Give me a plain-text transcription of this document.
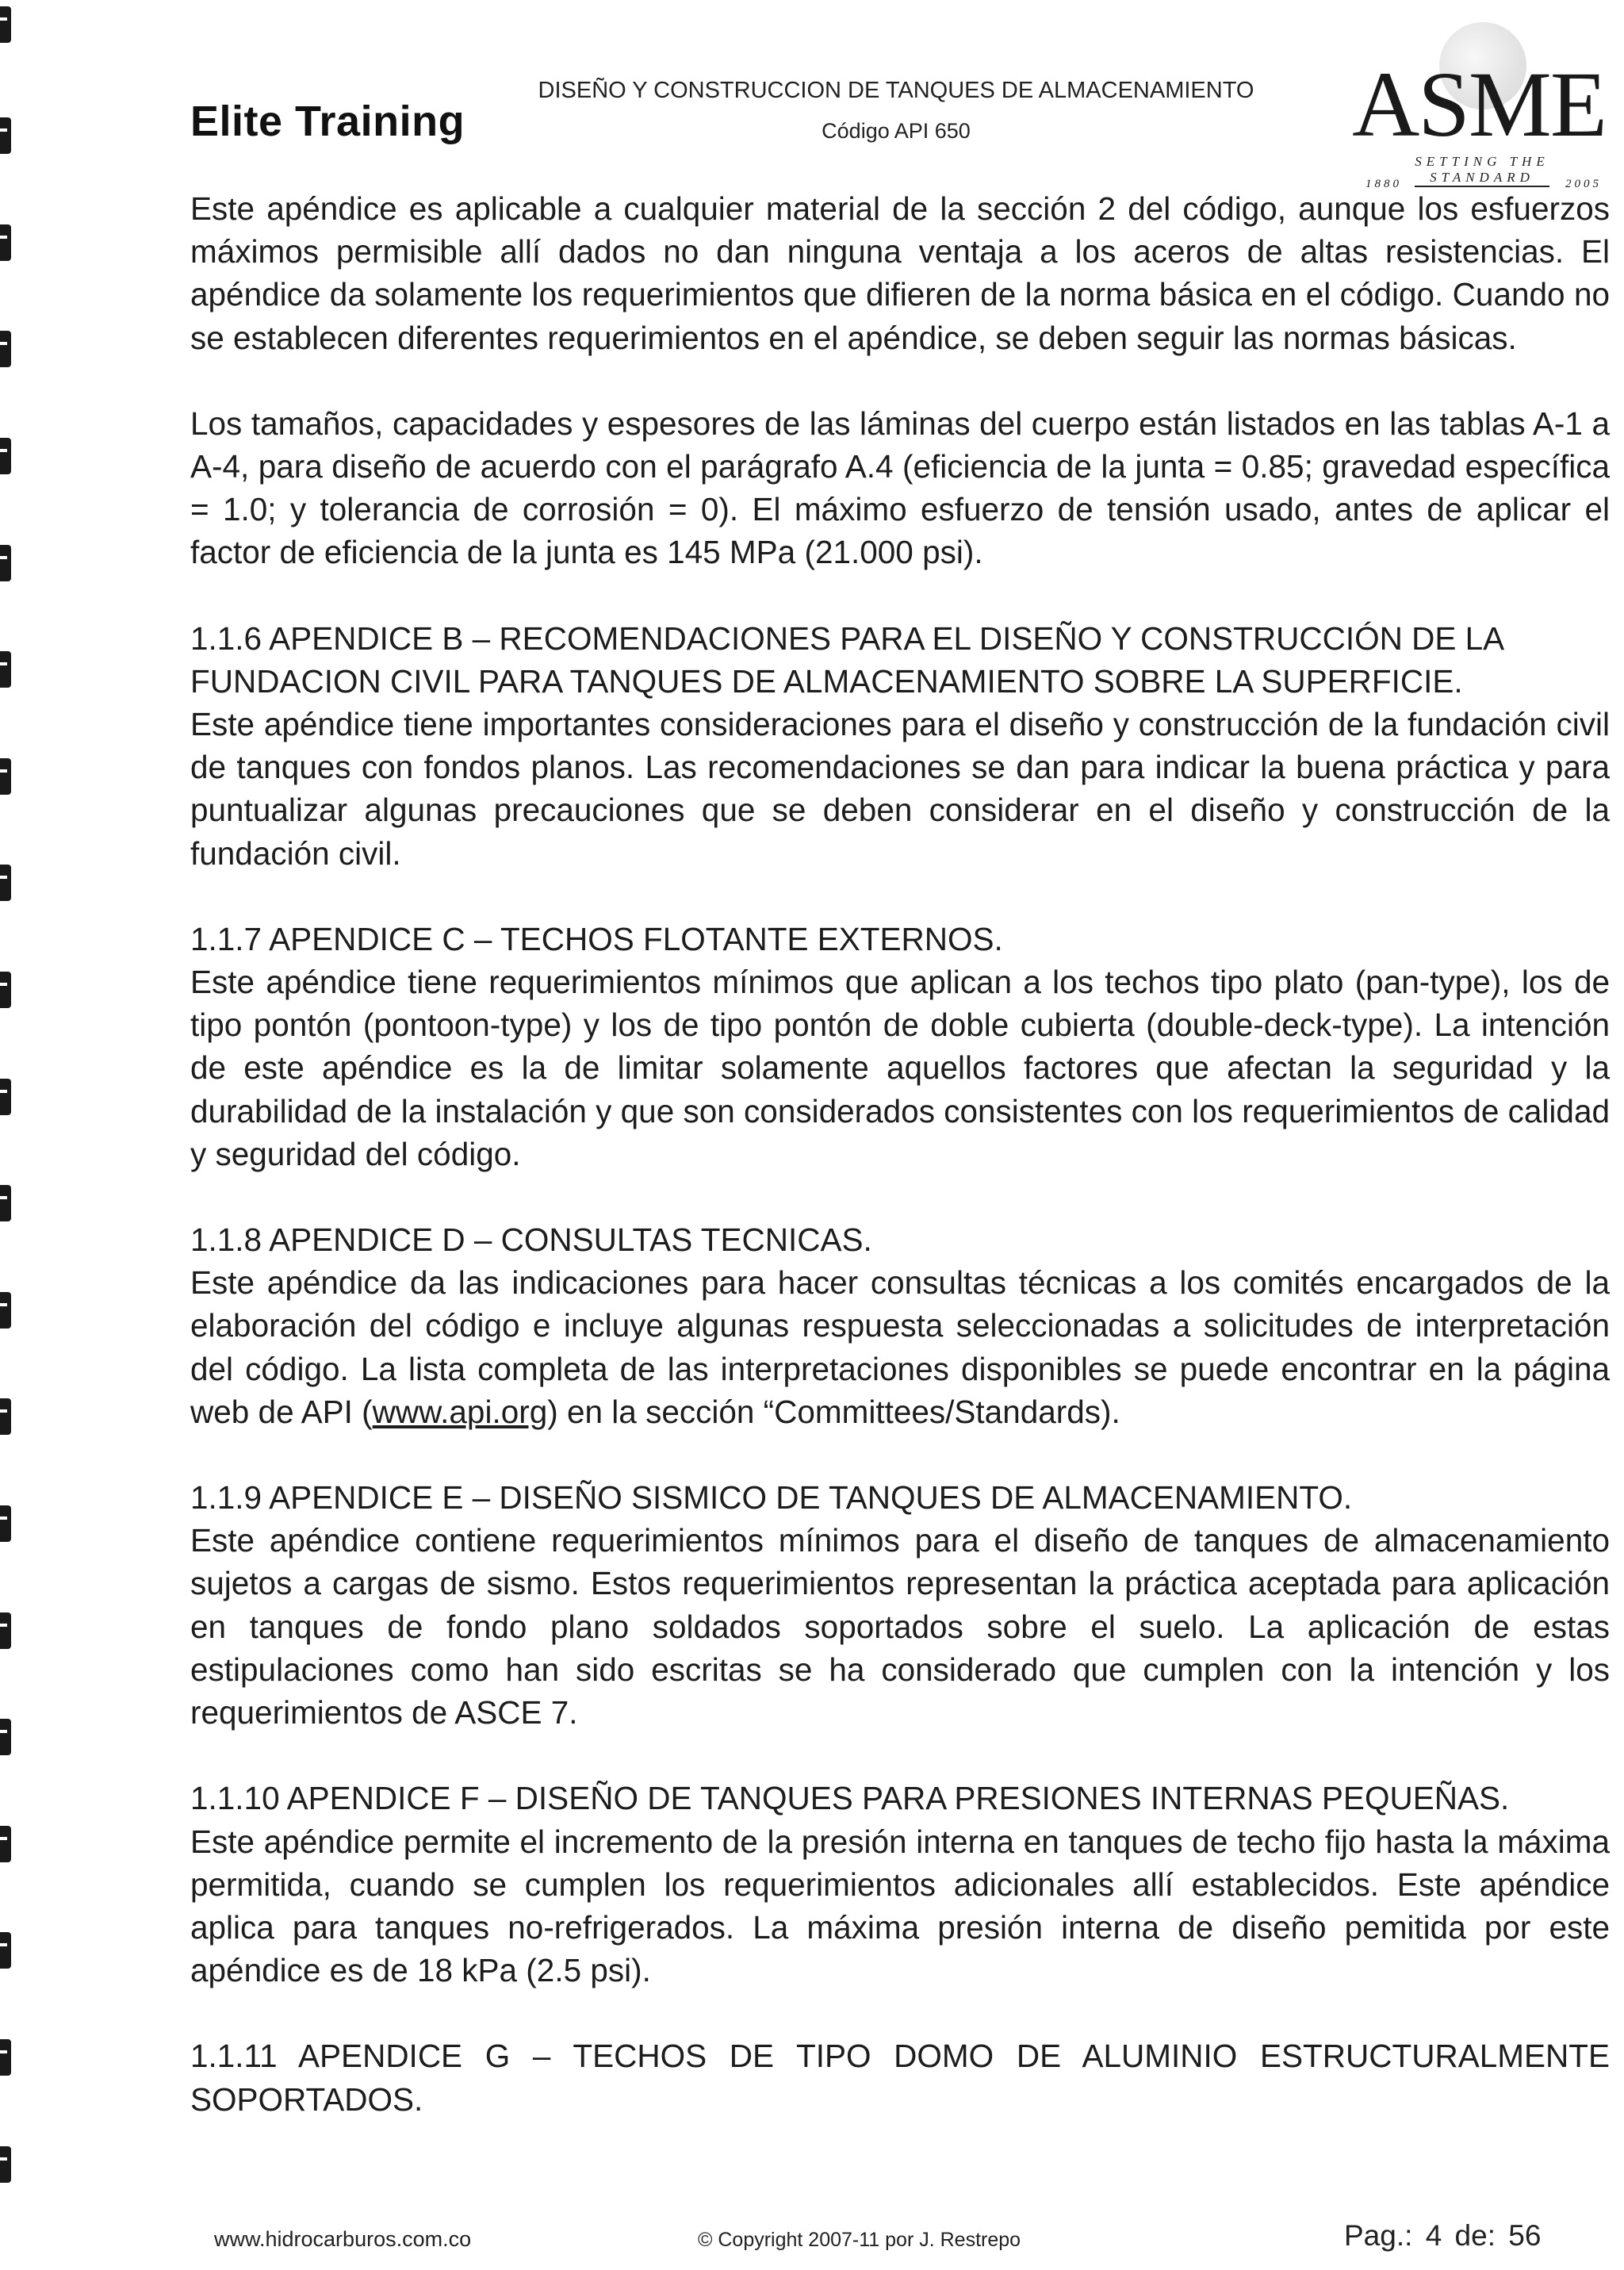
Elite Training
DISEÑO Y CONSTRUCCION DE TANQUES DE ALMACENAMIENTO
Código API 650	ASME
SETTING THE STANDARD
1880	2005

Este apéndice es aplicable a cualquier material de la sección 2 del código, aunque los esfuerzos máximos permisible allí dados no dan ninguna ventaja a los aceros de altas resistencias. El apéndice da solamente los requerimientos que difieren de la norma básica en el código. Cuando no se establecen diferentes requerimientos en el apéndice, se deben seguir las normas básicas.

Los tamaños, capacidades y espesores de las láminas del cuerpo están listados en las tablas A-1 a A-4, para diseño de acuerdo con el parágrafo A.4 (eficiencia de la junta = 0.85; gravedad específica = 1.0; y tolerancia de corrosión = 0). El máximo esfuerzo de tensión usado, antes de aplicar el factor de eficiencia de la junta es 145 MPa (21.000 psi).

1.1.6 APENDICE B – RECOMENDACIONES PARA EL DISEÑO Y CONSTRUCCIÓN DE LA FUNDACION CIVIL PARA TANQUES DE ALMACENAMIENTO SOBRE LA SUPERFICIE.

Este apéndice tiene importantes consideraciones para el diseño y construcción de la fundación civil de tanques con fondos planos. Las recomendaciones se dan para indicar la buena práctica y para puntualizar algunas precauciones que se deben considerar en el diseño y construcción de la fundación civil.

1.1.7 APENDICE C – TECHOS FLOTANTE EXTERNOS.

Este apéndice tiene requerimientos mínimos que aplican a los techos tipo plato (pan-type), los de tipo pontón (pontoon-type) y los de tipo pontón de doble cubierta (double-deck-type). La intención de este apéndice es la de limitar solamente aquellos factores que afectan la seguridad y la durabilidad de la instalación y que son considerados consistentes con los requerimientos de calidad y seguridad del código.

1.1.8 APENDICE D – CONSULTAS TECNICAS.

Este apéndice da las indicaciones para hacer consultas técnicas a los comités encargados de la elaboración del código e incluye algunas respuesta seleccionadas a solicitudes de interpretación del código. La lista completa de las interpretaciones disponibles se puede encontrar en la página web de API (www.api.org) en la sección “Committees/Standards).

1.1.9 APENDICE E – DISEÑO SISMICO DE TANQUES DE ALMACENAMIENTO.

Este apéndice contiene requerimientos mínimos para el diseño de tanques de almacenamiento sujetos a cargas de sismo. Estos requerimientos representan la práctica aceptada para aplicación en tanques de fondo plano soldados soportados sobre el suelo. La aplicación de estas estipulaciones como han sido escritas se ha considerado que cumplen con la intención y los requerimientos de ASCE 7.

1.1.10 APENDICE F – DISEÑO DE TANQUES PARA PRESIONES INTERNAS PEQUEÑAS.

Este apéndice permite el incremento de la presión interna en tanques de techo fijo hasta la máxima permitida, cuando se cumplen los requerimientos adicionales allí establecidos. Este apéndice aplica para tanques no-refrigerados. La máxima presión interna de diseño pemitida por este apéndice es de 18 kPa (2.5 psi).

1.1.11 APENDICE G – TECHOS DE TIPO DOMO DE ALUMINIO ESTRUCTURALMENTE SOPORTADOS.

www.hidrocarburos.com.co	© Copyright 2007-11 por J. Restrepo	Pag.: 4 de: 56
